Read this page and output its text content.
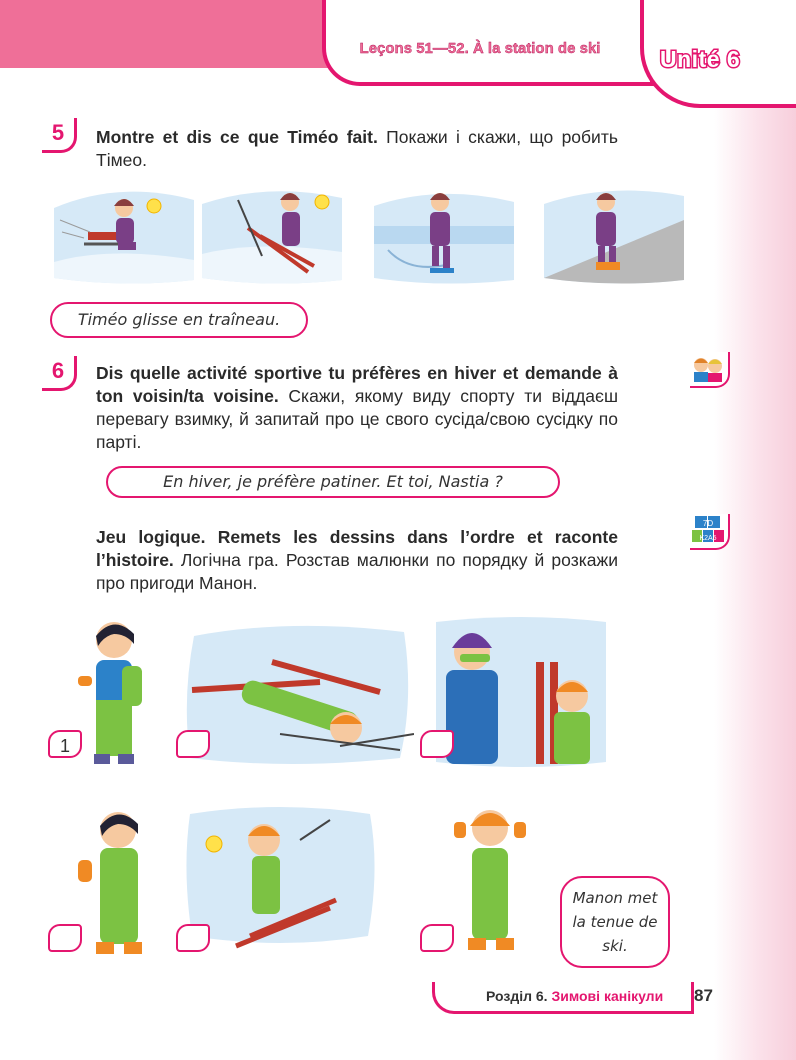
Leçons 51—52. À la station de ski	Unité 6
5	Montre et dis ce que Timéo fait. Покажи і скажи, що робить Тімео.
Timéo glisse en traîneau.
6	Dis quelle activité sportive tu préfères en hiver et demande à ton voisin/ta voisine. Скажи, якому виду спорту ти віддаєш перевагу взимку, й запитай про це свого сусіда/свою сусідку по парті.
En hiver, je préfère patiner. Et toi, Nastia ?
Jeu logique. Remets les dessins dans l’ordre et raconte l’histoire. Логічна гра. Розстав малюнки по порядку й розкажи про пригоди Манон.
7D
K2A5
1
Manon met la tenue de ski.
Розділ 6. Зимові канікули 87
